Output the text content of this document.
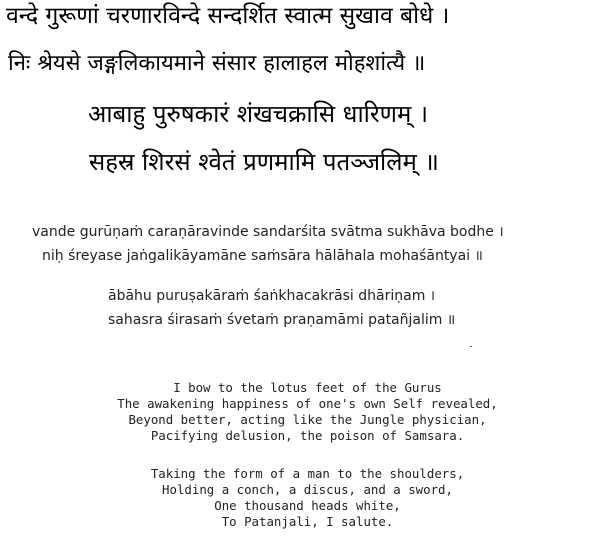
वन्दे गुरूणां चरणारविन्दे सन्दर्शित स्वात्म सुखाव बोधे ।
निः श्रेयसे जङ्गलिकायमाने संसार हालाहल मोहशांत्यै ॥
आबाहु पुरुषकारं शंखचक्रासि धारिणम् ।
सहस्र शिरसं श्वेतं प्रणमामि पतञ्जलिम् ॥
vande gurūṇaṁ caraṇāravinde sandarśita svātma sukhāva bodhe ।
niḥ śreyase jaṅgalikāyamāne saṁsāra hālāhala mohaśāntyai ॥
ābāhu puruṣakāraṁ śaṅkhacakrāsi dhāriṇam ।
sahasra śirasaṁ śvetaṁ praṇamāmi patañjalim ॥
I bow to the lotus feet of the Gurus
The awakening happiness of one's own Self revealed,
Beyond better, acting like the Jungle physician,
Pacifying delusion, the poison of Samsara.
Taking the form of a man to the shoulders,
Holding a conch, a discus, and a sword,
One thousand heads white,
To Patanjali, I salute.
